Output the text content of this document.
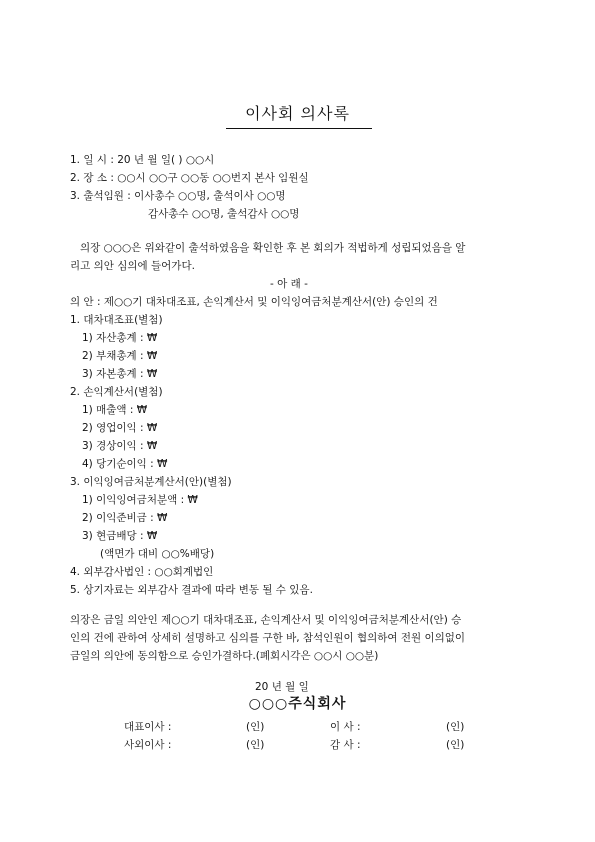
이사회 의사록
1. 일 시 : 20 년 월 일( ) ○○시
2. 장 소 : ○○시 ○○구 ○○동 ○○번지 본사 임원실
3. 출석임원 : 이사총수 ○○명, 출석이사 ○○명
감사총수 ○○명, 출석감사 ○○명
의장 ○○○은 위와같이 출석하였음을 확인한 후 본 회의가 적법하게 성립되었음을 알
리고 의안 심의에 들어가다.
- 아 래 -
의 안 : 제○○기 대차대조표, 손익계산서 및 이익잉여금처분계산서(안) 승인의 건
1. 대차대조표(별첨)
1) 자산총계 : ₩
2) 부채총계 : ₩
3) 자본총계 : ₩
2. 손익계산서(별첨)
1) 매출액 : ₩
2) 영업이익 : ₩
3) 경상이익 : ₩
4) 당기순이익 : ₩
3. 이익잉여금처분계산서(안)(별첨)
1) 이익잉여금처분액 : ₩
2) 이익준비금 : ₩
3) 현금배당 : ₩
(액면가 대비 ○○%배당)
4. 외부감사법인 : ○○회계법인
5. 상기자료는 외부감사 결과에 따라 변동 될 수 있음.
의장은 금일 의안인 제○○기 대차대조표, 손익계산서 및 이익잉여금처분계산서(안) 승
인의 건에 관하여 상세히 설명하고 심의를 구한 바, 참석인원이 협의하여 전원 이의없이
금일의 의안에 동의함으로 승인가결하다.(폐회시각은 ○○시 ○○분)
20 년 월 일
○○○주식회사
대표이사 :	(인)	이 사 :	(인)
사외이사 :	(인)	감 사 :	(인)
